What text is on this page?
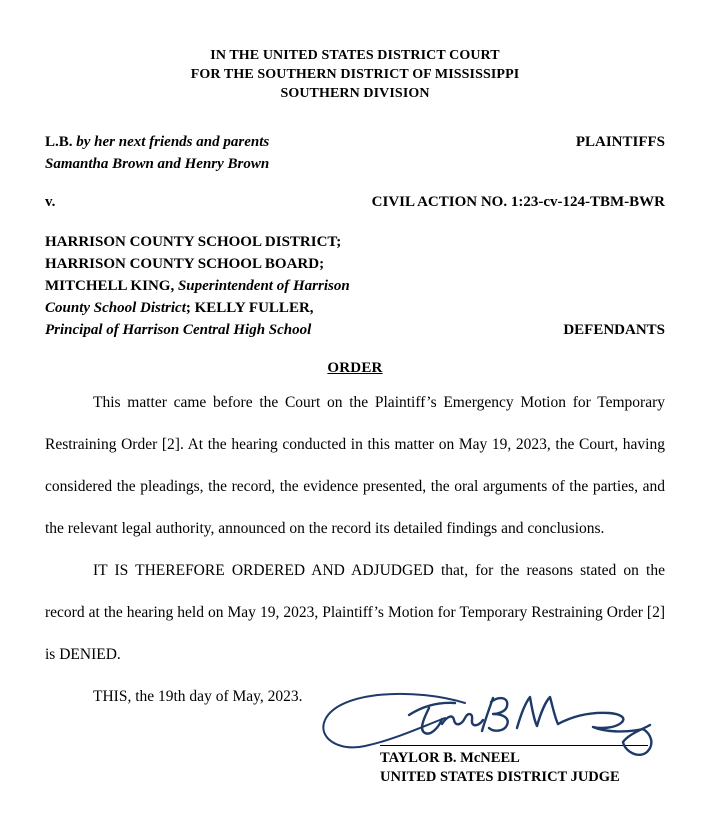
IN THE UNITED STATES DISTRICT COURT
FOR THE SOUTHERN DISTRICT OF MISSISSIPPI
SOUTHERN DIVISION
L.B. by her next friends and parents
Samantha Brown and Henry Brown
PLAINTIFFS
v.	CIVIL ACTION NO. 1:23-cv-124-TBM-BWR
HARRISON COUNTY SCHOOL DISTRICT;
HARRISON COUNTY SCHOOL BOARD;
MITCHELL KING, Superintendent of Harrison
County School District; KELLY FULLER,
Principal of Harrison Central High School	DEFENDANTS
ORDER

This matter came before the Court on the Plaintiff’s Emergency Motion for Temporary Restraining Order [2]. At the hearing conducted in this matter on May 19, 2023, the Court, having considered the pleadings, the record, the evidence presented, the oral arguments of the parties, and the relevant legal authority, announced on the record its detailed findings and conclusions.

IT IS THEREFORE ORDERED AND ADJUDGED that, for the reasons stated on the record at the hearing held on May 19, 2023, Plaintiff’s Motion for Temporary Restraining Order [2] is DENIED.

THIS, the 19th day of May, 2023.

TAYLOR B. McNEEL
UNITED STATES DISTRICT JUDGE
